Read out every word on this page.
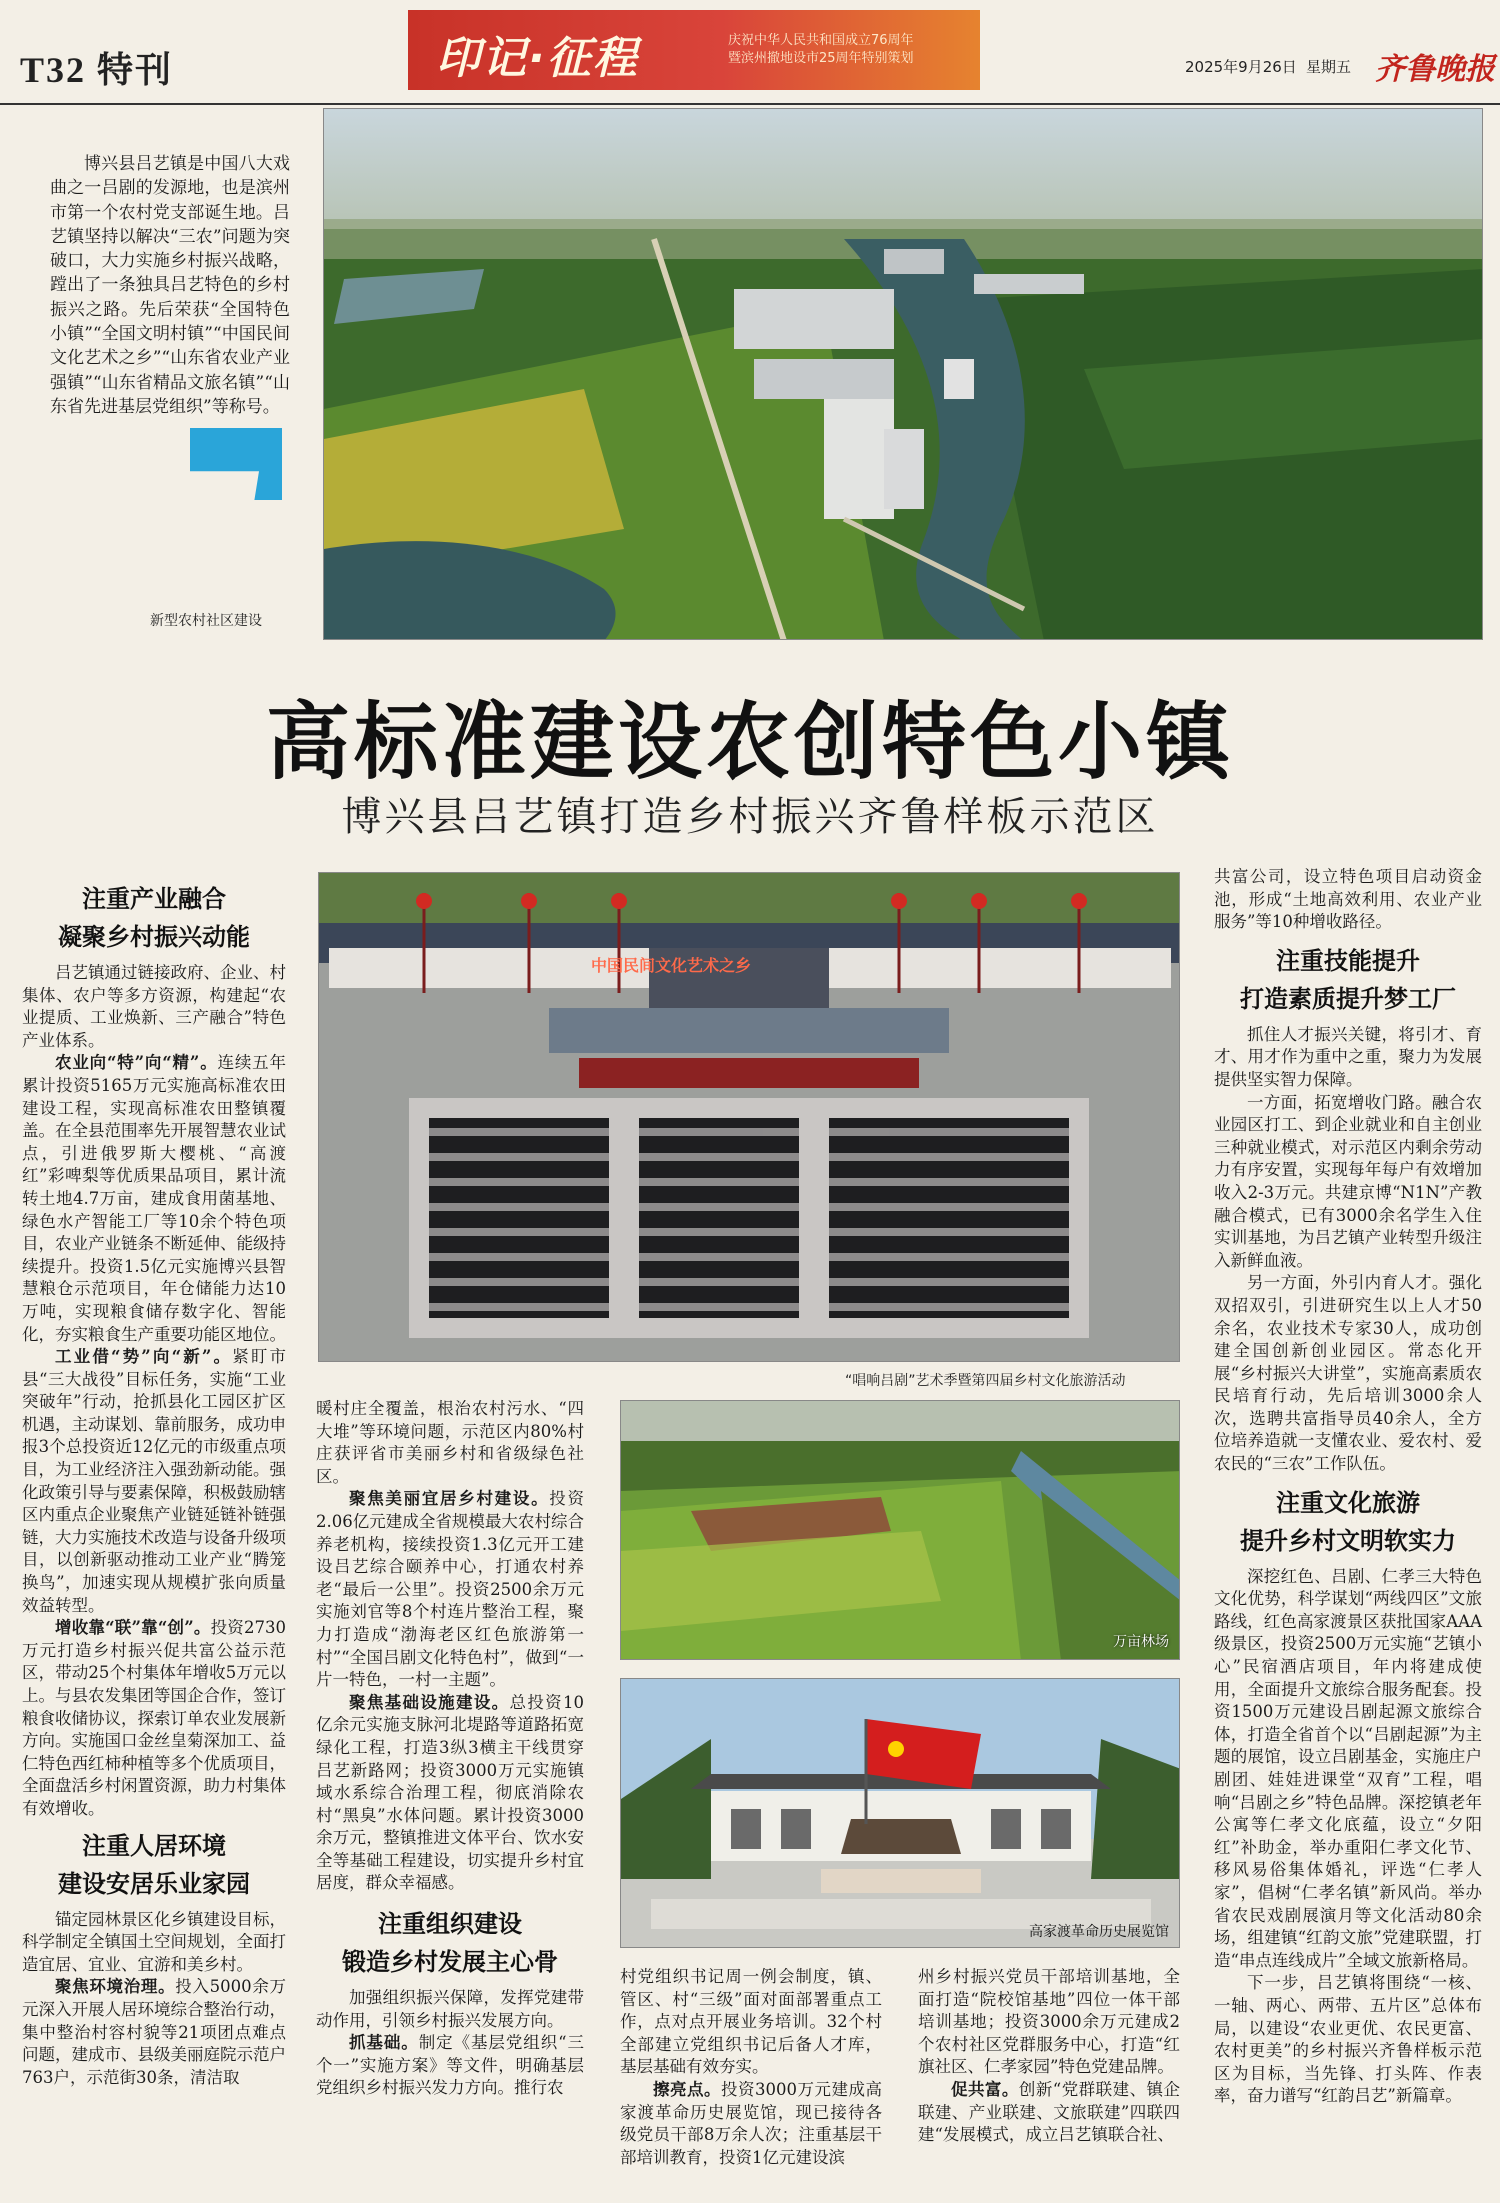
T32 特刊	印记·征程	庆祝中华人民共和国成立76周年
暨滨州撤地设市25周年特别策划	2025年9月26日 星期五 齐鲁晚报
博兴县吕艺镇是中国八大戏曲之一吕剧的发源地，也是滨州市第一个农村党支部诞生地。吕艺镇坚持以解决“三农”问题为突破口，大力实施乡村振兴战略，蹚出了一条独具吕艺特色的乡村振兴之路。先后荣获“全国特色小镇”“全国文明村镇”“中国民间文化艺术之乡”“山东省农业产业强镇”“山东省精品文旅名镇”“山东省先进基层党组织”等称号。
新型农村社区建设
高标准建设农创特色小镇
博兴县吕艺镇打造乡村振兴齐鲁样板示范区
中国民间文化艺术之乡
“唱响吕剧”艺术季暨第四届乡村文化旅游活动
万亩林场
高家渡革命历史展览馆
注重产业融合
凝聚乡村振兴动能

吕艺镇通过链接政府、企业、村集体、农户等多方资源，构建起“农业提质、工业焕新、三产融合”特色产业体系。

农业向“特”向“精”。连续五年累计投资5165万元实施高标准农田建设工程，实现高标准农田整镇覆盖。在全县范围率先开展智慧农业试点，引进俄罗斯大樱桃、“高渡红”彩啤梨等优质果品项目，累计流转土地4.7万亩，建成食用菌基地、绿色水产智能工厂等10余个特色项目，农业产业链条不断延伸、能级持续提升。投资1.5亿元实施博兴县智慧粮仓示范项目，年仓储能力达10万吨，实现粮食储存数字化、智能化，夯实粮食生产重要功能区地位。

工业借“势”向“新”。紧盯市县“三大战役”目标任务，实施“工业突破年”行动，抢抓县化工园区扩区机遇，主动谋划、靠前服务，成功申报3个总投资近12亿元的市级重点项目，为工业经济注入强劲新动能。强化政策引导与要素保障，积极鼓励辖区内重点企业聚焦产业链延链补链强链，大力实施技术改造与设备升级项目，以创新驱动推动工业产业“腾笼换鸟”，加速实现从规模扩张向质量效益转型。

增收靠“联”靠“创”。投资2730万元打造乡村振兴促共富公益示范区，带动25个村集体年增收5万元以上。与县农发集团等国企合作，签订粮食收储协议，探索订单农业发展新方向。实施国口金丝皇菊深加工、益仁特色西红柿种植等多个优质项目，全面盘活乡村闲置资源，助力村集体有效增收。

注重人居环境
建设安居乐业家园

锚定园林景区化乡镇建设目标，科学制定全镇国土空间规划，全面打造宜居、宜业、宜游和美乡村。

聚焦环境治理。投入5000余万元深入开展人居环境综合整治行动，集中整治村容村貌等21项团点难点问题，建成市、县级美丽庭院示范户763户，示范街30条，清洁取

暖村庄全覆盖，根治农村污水、“四大堆”等环境问题，示范区内80%村庄获评省市美丽乡村和省级绿色社区。

聚焦美丽宜居乡村建设。投资2.06亿元建成全省规模最大农村综合养老机构，接续投资1.3亿元开工建设吕艺综合颐养中心，打通农村养老“最后一公里”。投资2500余万元实施刘官等8个村连片整治工程，聚力打造成“渤海老区红色旅游第一村”“全国吕剧文化特色村”，做到“一片一特色，一村一主题”。

聚焦基础设施建设。总投资10亿余元实施支脉河北堤路等道路拓宽绿化工程，打造3纵3横主干线贯穿吕艺新路网；投资3000万元实施镇域水系综合治理工程，彻底消除农村“黑臭”水体问题。累计投资3000余万元，整镇推进文体平台、饮水安全等基础工程建设，切实提升乡村宜居度，群众幸福感。

注重组织建设
锻造乡村发展主心骨

加强组织振兴保障，发挥党建带动作用，引领乡村振兴发展方向。

抓基础。制定《基层党组织“三个一”实施方案》等文件，明确基层党组织乡村振兴发力方向。推行农

村党组织书记周一例会制度，镇、管区、村“三级”面对面部署重点工作，点对点开展业务培训。32个村全部建立党组织书记后备人才库，基层基础有效夯实。

擦亮点。投资3000万元建成高家渡革命历史展览馆，现已接待各级党员干部8万余人次；注重基层干部培训教育，投资1亿元建设滨

州乡村振兴党员干部培训基地，全面打造“院校馆基地”四位一体干部培训基地；投资3000余万元建成2个农村社区党群服务中心，打造“红旗社区、仁孝家园”特色党建品牌。

促共富。创新“党群联建、镇企联建、产业联建、文旅联建”四联四建“发展模式，成立吕艺镇联合社、

共富公司，设立特色项目启动资金池，形成“土地高效利用、农业产业服务”等10种增收路径。

注重技能提升
打造素质提升梦工厂

抓住人才振兴关键，将引才、育才、用才作为重中之重，聚力为发展提供坚实智力保障。

一方面，拓宽增收门路。融合农业园区打工、到企业就业和自主创业三种就业模式，对示范区内剩余劳动力有序安置，实现每年每户有效增加收入2-3万元。共建京博“N1N”产教融合模式，已有3000余名学生入住实训基地，为吕艺镇产业转型升级注入新鲜血液。

另一方面，外引内育人才。强化双招双引，引进研究生以上人才50余名，农业技术专家30人，成功创建全国创新创业园区。常态化开展“乡村振兴大讲堂”，实施高素质农民培育行动，先后培训3000余人次，选聘共富指导员40余人，全方位培养造就一支懂农业、爱农村、爱农民的“三农”工作队伍。

注重文化旅游
提升乡村文明软实力

深挖红色、吕剧、仁孝三大特色文化优势，科学谋划“两线四区”文旅路线，红色高家渡景区获批国家AAA级景区，投资2500万元实施“艺镇小心”民宿酒店项目，年内将建成使用，全面提升文旅综合服务配套。投资1500万元建设吕剧起源文旅综合体，打造全省首个以“吕剧起源”为主题的展馆，设立吕剧基金，实施庄户剧团、娃娃进课堂“双育”工程，唱响“吕剧之乡”特色品牌。深挖镇老年公寓等仁孝文化底蕴，设立“夕阳红”补助金，举办重阳仁孝文化节、移风易俗集体婚礼，评选“仁孝人家”，倡树“仁孝名镇”新风尚。举办省农民戏剧展演月等文化活动80余场，组建镇“红韵文旅”党建联盟，打造“串点连线成片”全域文旅新格局。

下一步，吕艺镇将围绕“一核、一轴、两心、两带、五片区”总体布局，以建设“农业更优、农民更富、农村更美”的乡村振兴齐鲁样板示范区为目标，当先锋、打头阵、作表率，奋力谱写“红韵吕艺”新篇章。
